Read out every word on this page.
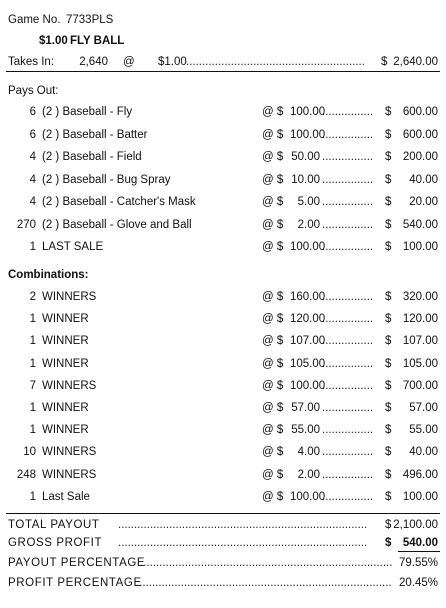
Game No. 7733PLS
$1.00 FLY BALL
Takes In:	2,640 @ $1.00 .....	$ 2,640.00
Pays Out:
6 (2 ) Baseball - Fly	@ $ 100.00 .....	$ 600.00
6 (2 ) Baseball - Batter	@ $ 100.00 .....	$ 600.00
4 (2 ) Baseball - Field	@ $ 50.00 .....	$ 200.00
4 (2 ) Baseball - Bug Spray	@ $ 10.00 .....	$	40.00
4 (2 ) Baseball - Catcher's Mask	@ $	5.00 .....	$	20.00
270 (2 ) Baseball - Glove and Ball	@ $	2.00 .....	$ 540.00
1 LAST SALE	@ $ 100.00 .....	$ 100.00
Combinations:
2 WINNERS	@ $ 160.00 .....	$ 320.00
1 WINNER	@ $ 120.00 .....	$ 120.00
1 WINNER	@ $ 107.00 .....	$ 107.00
1 WINNER	@ $ 105.00 .....	$ 105.00
7 WINNERS	@ $ 100.00 .....	$ 700.00
1 WINNER	@ $ 57.00 .....	$	57.00
1 WINNER	@ $ 55.00 .....	$	55.00
10 WINNERS	@ $	4.00 .....	$	40.00
248 WINNERS	@ $	2.00 .....	$ 496.00
1 Last Sale	@ $ 100.00 .....	$ 100.00
TOTAL PAYOUT .....	$ 2,100.00
GROSS PROFIT .....	$ 540.00
PAYOUT PERCENTAGE .....	79.55%
PROFIT PERCENTAGE .....	20.45%
